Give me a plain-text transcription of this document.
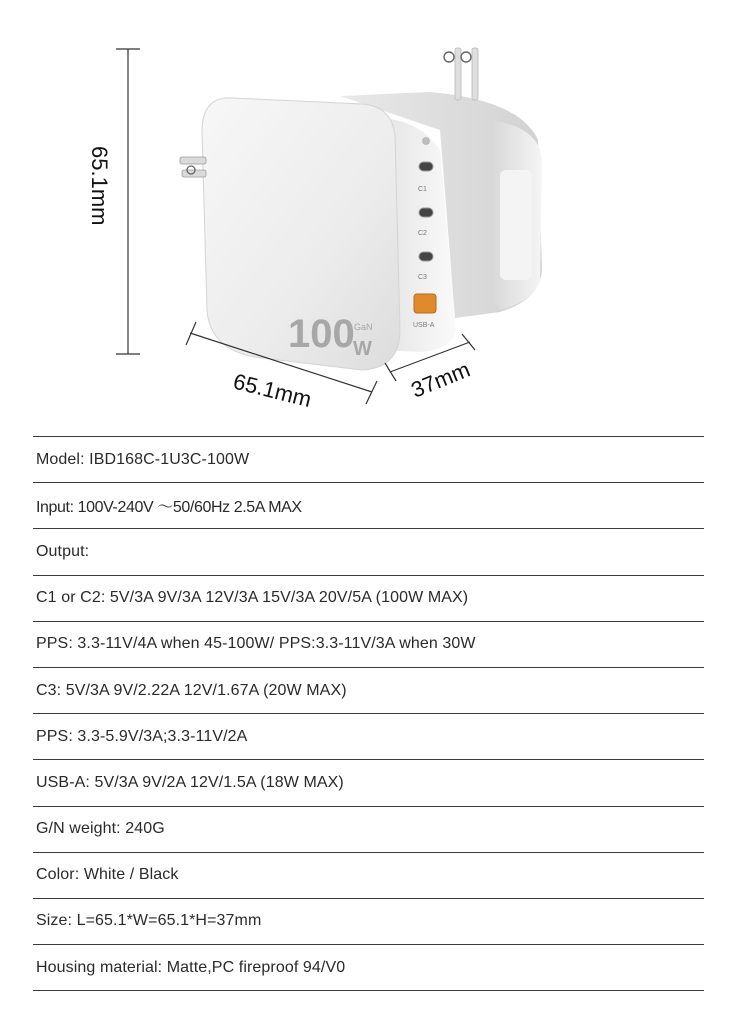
C1
C2
C3
USB-A
100 GaN
W
65.1mm
65.1mm	37mm
Model: IBD168C-1U3C-100W
Input: 100V-240V 〜50/60Hz 2.5A MAX
Output:
C1 or C2: 5V/3A 9V/3A 12V/3A 15V/3A 20V/5A (100W MAX)
PPS: 3.3-11V/4A when 45-100W/ PPS:3.3-11V/3A when 30W
C3: 5V/3A 9V/2.22A 12V/1.67A (20W MAX)
PPS: 3.3-5.9V/3A;3.3-11V/2A
USB-A: 5V/3A 9V/2A 12V/1.5A (18W MAX)
G/N weight: 240G
Color: White / Black
Size: L=65.1*W=65.1*H=37mm
Housing material: Matte,PC fireproof 94/V0
